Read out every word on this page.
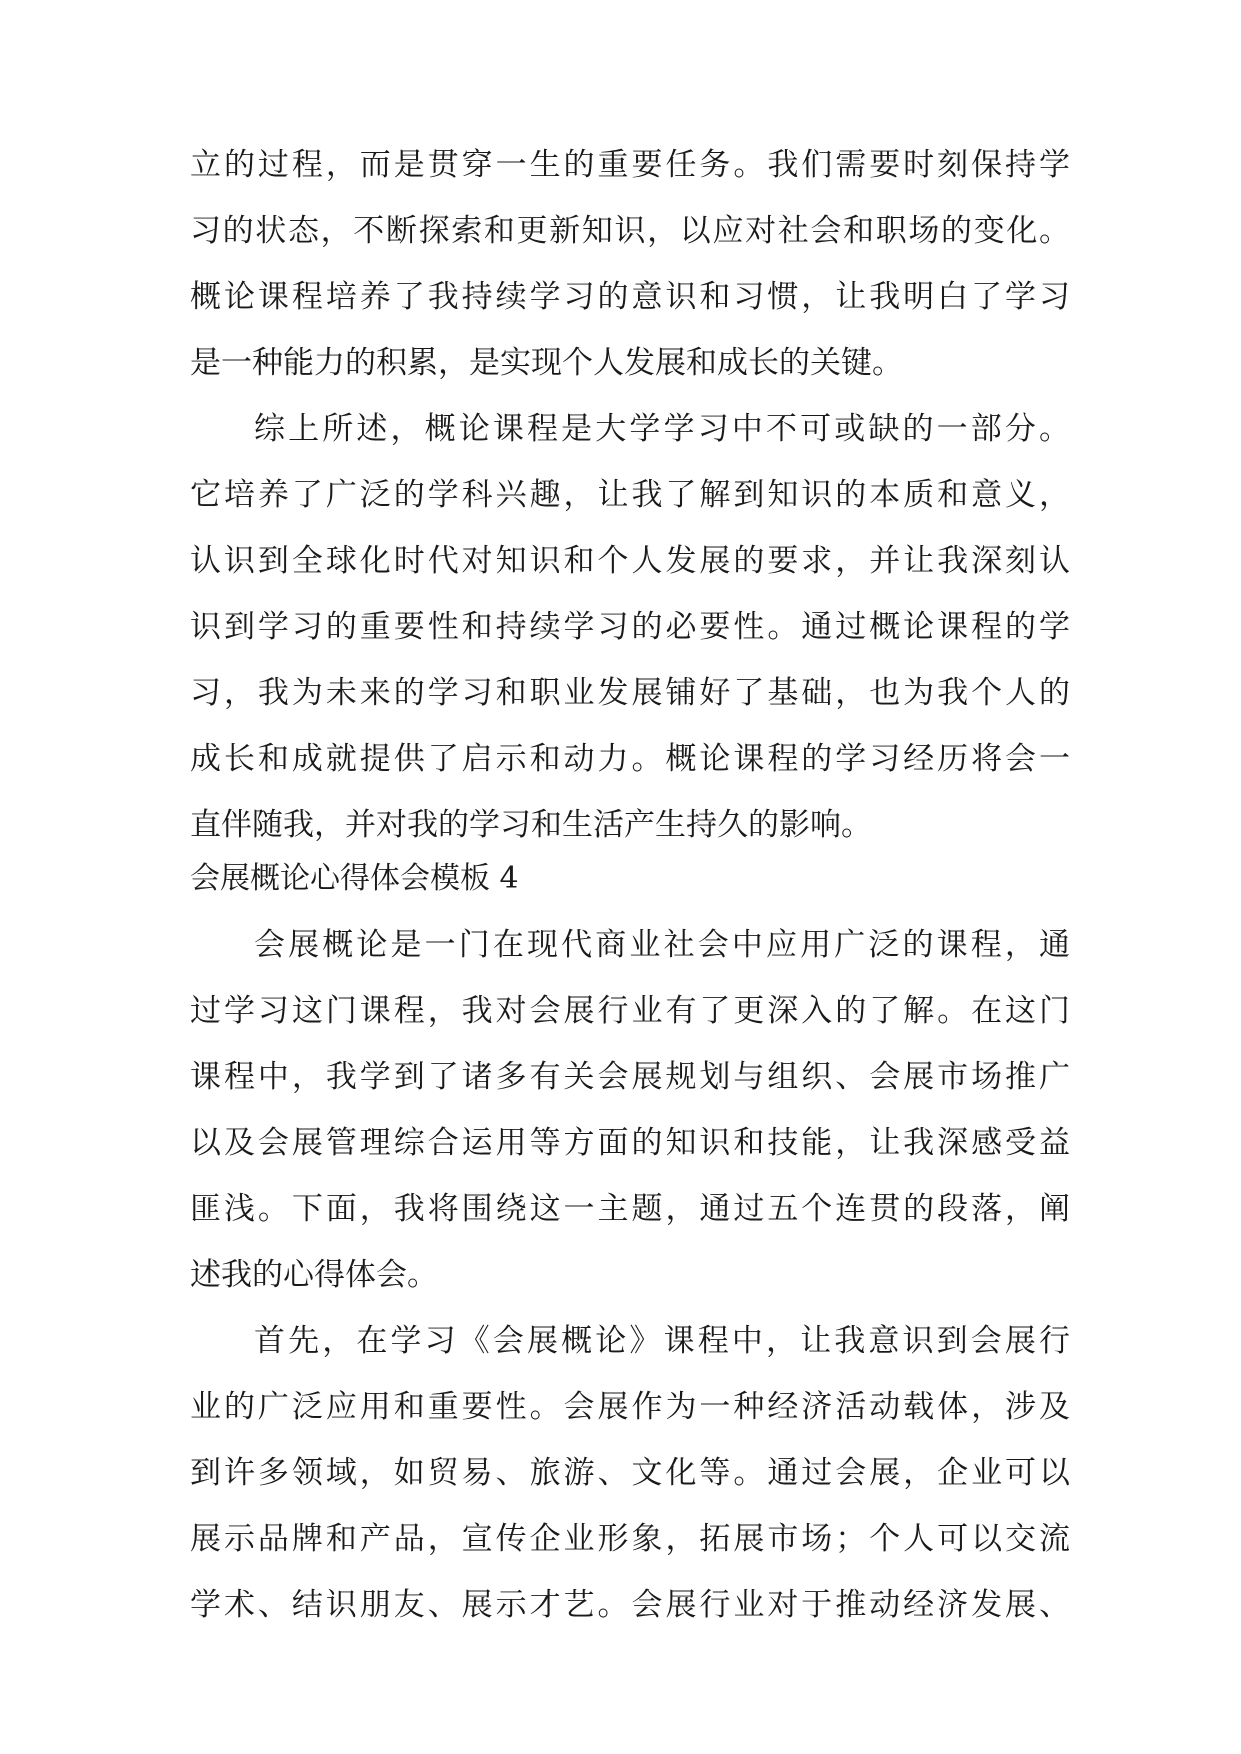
立的过程，而是贯穿一生的重要任务。我们需要时刻保持学
习的状态，不断探索和更新知识，以应对社会和职场的变化。
概论课程培养了我持续学习的意识和习惯，让我明白了学习
是一种能力的积累，是实现个人发展和成长的关键。
综上所述，概论课程是大学学习中不可或缺的一部分。
它培养了广泛的学科兴趣，让我了解到知识的本质和意义，
认识到全球化时代对知识和个人发展的要求，并让我深刻认
识到学习的重要性和持续学习的必要性。通过概论课程的学
习，我为未来的学习和职业发展铺好了基础，也为我个人的
成长和成就提供了启示和动力。概论课程的学习经历将会一
直伴随我，并对我的学习和生活产生持久的影响。
会展概论心得体会模板 4
会展概论是一门在现代商业社会中应用广泛的课程，通
过学习这门课程，我对会展行业有了更深入的了解。在这门
课程中，我学到了诸多有关会展规划与组织、会展市场推广
以及会展管理综合运用等方面的知识和技能，让我深感受益
匪浅。下面，我将围绕这一主题，通过五个连贯的段落，阐
述我的心得体会。
首先，在学习《会展概论》课程中，让我意识到会展行
业的广泛应用和重要性。会展作为一种经济活动载体，涉及
到许多领域，如贸易、旅游、文化等。通过会展，企业可以
展示品牌和产品，宣传企业形象，拓展市场；个人可以交流
学术、结识朋友、展示才艺。会展行业对于推动经济发展、
